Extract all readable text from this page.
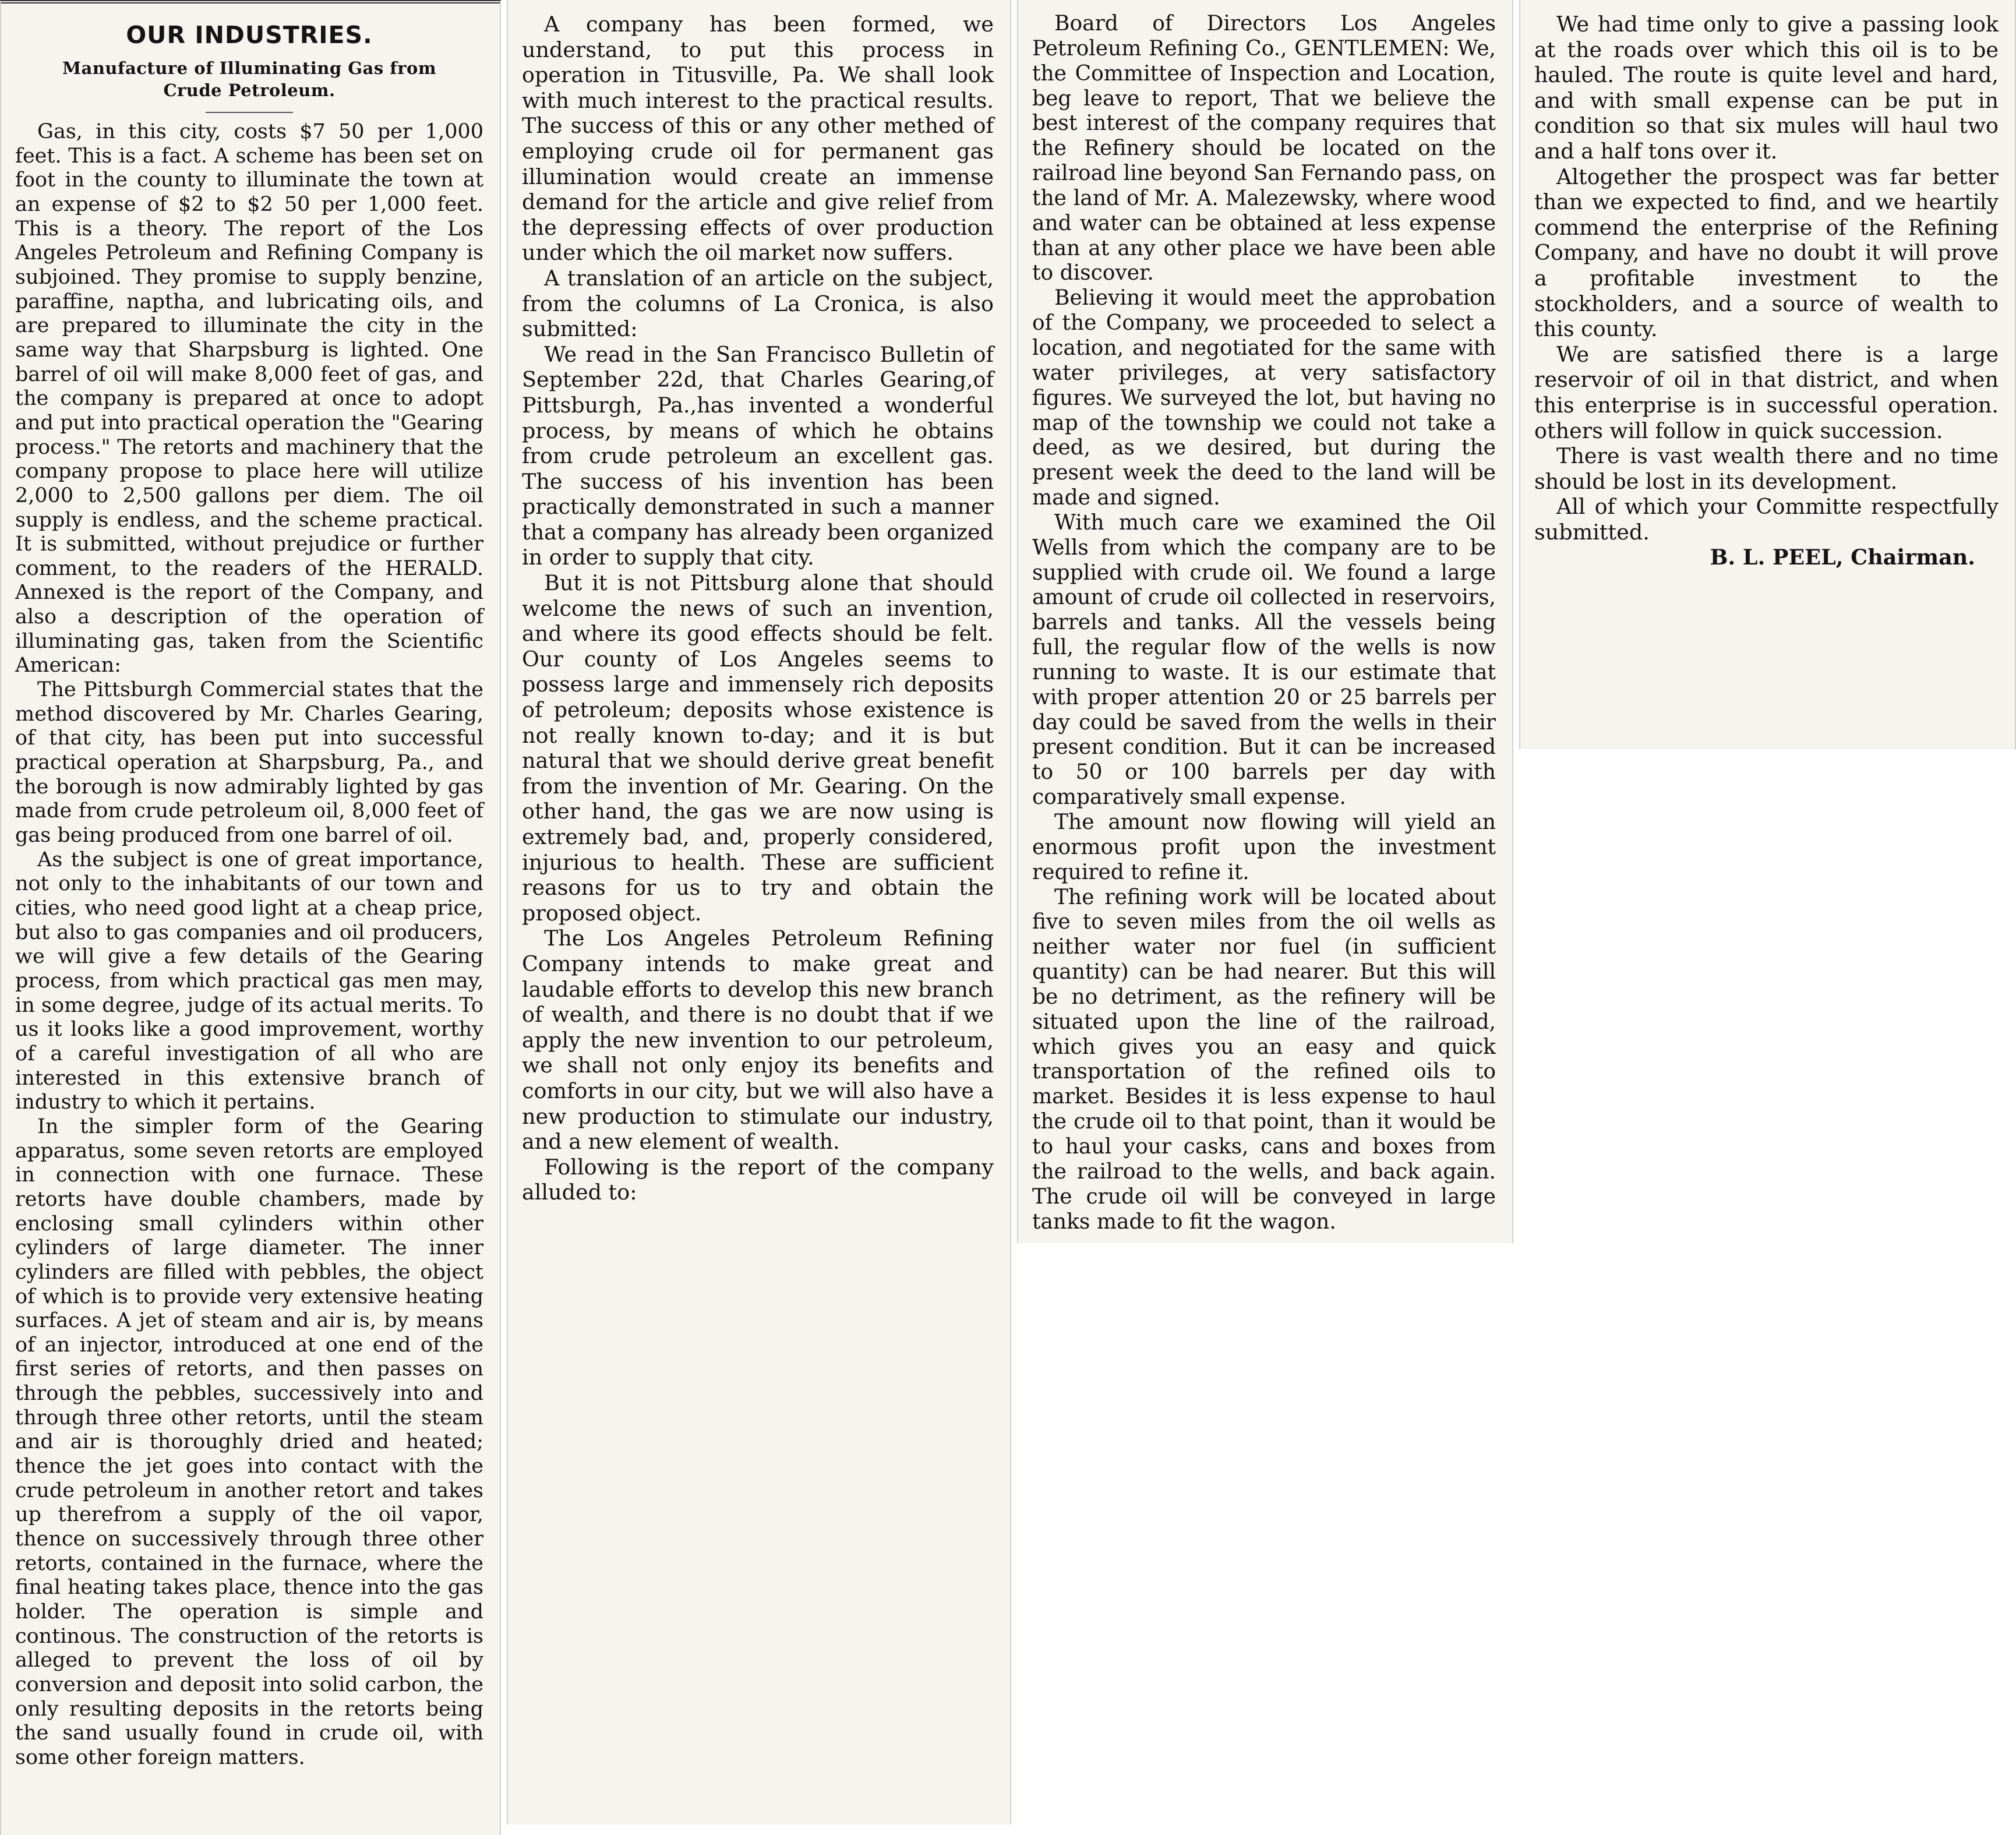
OUR INDUSTRIES.
Manufacture of Illuminating Gas from Crude Petroleum.

Gas, in this city, costs $7 50 per 1,000 feet. This is a fact. A scheme has been set on foot in the county to illuminate the town at an expense of $2 to $2 50 per 1,000 feet. This is a theory. The report of the Los Angeles Petroleum and Refining Company is subjoined. They promise to supply benzine, paraffine, naptha, and lubricating oils, and are prepared to illuminate the city in the same way that Sharpsburg is lighted. One barrel of oil will make 8,000 feet of gas, and the company is prepared at once to adopt and put into practical operation the "Gearing process." The retorts and machinery that the company propose to place here will utilize 2,000 to 2,500 gallons per diem. The oil supply is endless, and the scheme practical. It is submitted, without prejudice or further comment, to the readers of the HERALD. Annexed is the report of the Company, and also a description of the operation of illuminating gas, taken from the Scientific American:

The Pittsburgh Commercial states that the method discovered by Mr. Charles Gearing, of that city, has been put into successful practical operation at Sharpsburg, Pa., and the borough is now admirably lighted by gas made from crude petroleum oil, 8,000 feet of gas being produced from one barrel of oil.

As the subject is one of great importance, not only to the inhabitants of our town and cities, who need good light at a cheap price, but also to gas companies and oil producers, we will give a few details of the Gearing process, from which practical gas men may, in some degree, judge of its actual merits. To us it looks like a good improvement, worthy of a careful investigation of all who are interested in this extensive branch of industry to which it pertains.

In the simpler form of the Gearing apparatus, some seven retorts are employed in connection with one furnace. These retorts have double chambers, made by enclosing small cylinders within other cylinders of large diameter. The inner cylinders are filled with pebbles, the object of which is to provide very extensive heating surfaces. A jet of steam and air is, by means of an injector, introduced at one end of the first series of retorts, and then passes on through the pebbles, successively into and through three other retorts, until the steam and air is thoroughly dried and heated; thence the jet goes into contact with the crude petroleum in another retort and takes up therefrom a supply of the oil vapor, thence on successively through three other retorts, contained in the furnace, where the final heating takes place, thence into the gas holder. The operation is simple and continous. The construction of the retorts is alleged to prevent the loss of oil by conversion and deposit into solid carbon, the only resulting deposits in the retorts being the sand usually found in crude oil, with some other foreign matters.

A company has been formed, we understand, to put this process in operation in Titusville, Pa. We shall look with much interest to the practical results. The success of this or any other methed of employing crude oil for permanent gas illumination would create an immense demand for the article and give relief from the depressing effects of over production under which the oil market now suffers.

A translation of an article on the subject, from the columns of La Cronica, is also submitted:

We read in the San Francisco Bulletin of September 22d, that Charles Gearing,of Pittsburgh, Pa.,has invented a wonderful process, by means of which he obtains from crude petroleum an excellent gas. The success of his invention has been practically demonstrated in such a manner that a company has already been organized in order to supply that city.

But it is not Pittsburg alone that should welcome the news of such an invention, and where its good effects should be felt. Our county of Los Angeles seems to possess large and immensely rich deposits of petroleum; deposits whose existence is not really known to-day; and it is but natural that we should derive great benefit from the invention of Mr. Gearing. On the other hand, the gas we are now using is extremely bad, and, properly considered, injurious to health. These are sufficient reasons for us to try and obtain the proposed object.

The Los Angeles Petroleum Refining Company intends to make great and laudable efforts to develop this new branch of wealth, and there is no doubt that if we apply the new invention to our petroleum, we shall not only enjoy its benefits and comforts in our city, but we will also have a new production to stimulate our industry, and a new element of wealth.

Following is the report of the company alluded to:

Board of Directors Los Angeles Petroleum Refining Co., GENTLEMEN: We, the Committee of Inspection and Location, beg leave to report, That we believe the best interest of the company requires that the Refinery should be located on the railroad line beyond San Fernando pass, on the land of Mr. A. Malezewsky, where wood and water can be obtained at less expense than at any other place we have been able to discover.

Believing it would meet the approbation of the Company, we proceeded to select a location, and negotiated for the same with water privileges, at very satisfactory figures. We surveyed the lot, but having no map of the township we could not take a deed, as we desired, but during the present week the deed to the land will be made and signed.

With much care we examined the Oil Wells from which the company are to be supplied with crude oil. We found a large amount of crude oil collected in reservoirs, barrels and tanks. All the vessels being full, the regular flow of the wells is now running to waste. It is our estimate that with proper attention 20 or 25 barrels per day could be saved from the wells in their present condition. But it can be increased to 50 or 100 barrels per day with comparatively small expense.

The amount now flowing will yield an enormous profit upon the investment required to refine it.

The refining work will be located about five to seven miles from the oil wells as neither water nor fuel (in sufficient quantity) can be had nearer. But this will be no detriment, as the refinery will be situated upon the line of the railroad, which gives you an easy and quick transportation of the refined oils to market. Besides it is less expense to haul the crude oil to that point, than it would be to haul your casks, cans and boxes from the railroad to the wells, and back again. The crude oil will be conveyed in large tanks made to fit the wagon.

We had time only to give a passing look at the roads over which this oil is to be hauled. The route is quite level and hard, and with small expense can be put in condition so that six mules will haul two and a half tons over it.

Altogether the prospect was far better than we expected to find, and we heartily commend the enterprise of the Refining Company, and have no doubt it will prove a profitable investment to the stockholders, and a source of wealth to this county.

We are satisfied there is a large reservoir of oil in that district, and when this enterprise is in successful operation. others will follow in quick succession.

There is vast wealth there and no time should be lost in its development.

All of which your Committe respectfully submitted.

B. L. PEEL, Chairman.
